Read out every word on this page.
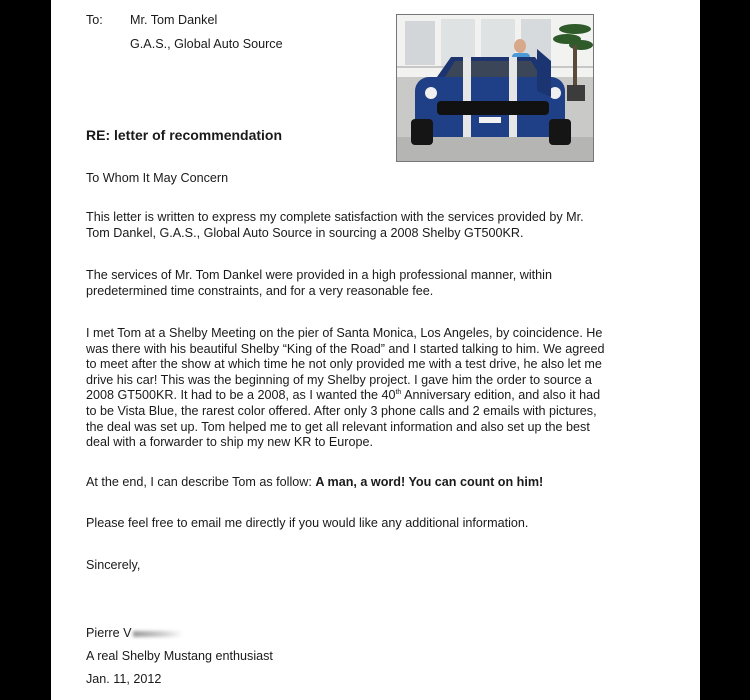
To: Mr. Tom Dankel
G.A.S., Global Auto Source
RE: letter of recommendation
To Whom It May Concern
This letter is written to express my complete satisfaction with the services provided by Mr.
Tom Dankel, G.A.S., Global Auto Source in sourcing a 2008 Shelby GT500KR.
The services of Mr. Tom Dankel were provided in a high professional manner, within
predetermined time constraints, and for a very reasonable fee.
I met Tom at a Shelby Meeting on the pier of Santa Monica, Los Angeles, by coincidence. He
was there with his beautiful Shelby “King of the Road” and I started talking to him. We agreed
to meet after the show at which time he not only provided me with a test drive, he also let me
drive his car! This was the beginning of my Shelby project. I gave him the order to source a
2008 GT500KR. It had to be a 2008, as I wanted the 40th Anniversary edition, and also it had
to be Vista Blue, the rarest color offered. After only 3 phone calls and 2 emails with pictures,
the deal was set up. Tom helped me to get all relevant information and also set up the best
deal with a forwarder to ship my new KR to Europe.
At the end, I can describe Tom as follow: A man, a word! You can count on him!
Please feel free to email me directly if you would like any additional information.
Sincerely,
Pierre V
A real Shelby Mustang enthusiast
Jan. 11, 2012
